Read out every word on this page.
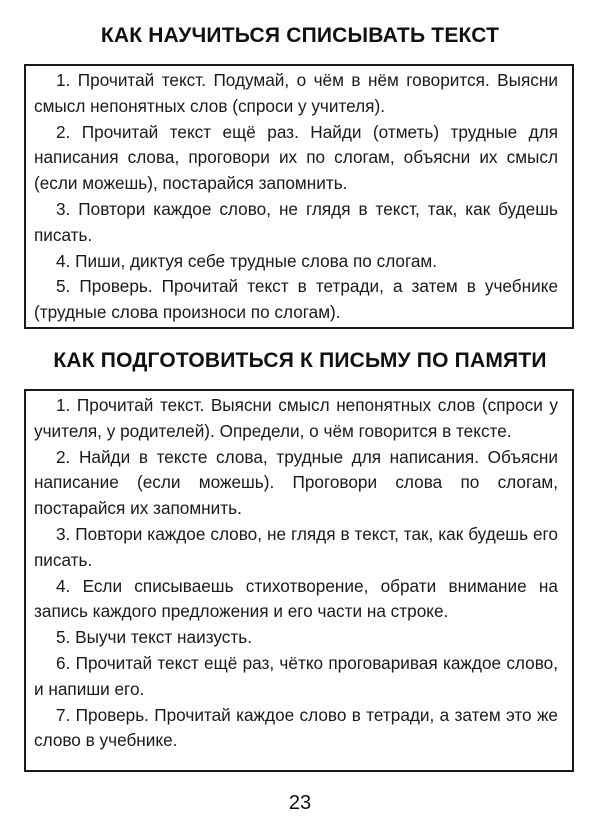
КАК НАУЧИТЬСЯ СПИСЫВАТЬ ТЕКСТ

1. Прочитай текст. Подумай, о чём в нём говорится. Выясни смысл непонятных слов (спроси у учителя).

2. Прочитай текст ещё раз. Найди (отметь) трудные для написания слова, проговори их по слогам, объясни их смысл (если можешь), постарайся запомнить.

3. Повтори каждое слово, не глядя в текст, так, как будешь писать.

4. Пиши, диктуя себе трудные слова по слогам.

5. Проверь. Прочитай текст в тетради, а затем в учебнике (трудные слова произноси по слогам).

КАК ПОДГОТОВИТЬСЯ К ПИСЬМУ ПО ПАМЯТИ

1. Прочитай текст. Выясни смысл непонятных слов (спроси у учителя, у родителей). Определи, о чём говорится в тексте.

2. Найди в тексте слова, трудные для написания. Объясни написание (если можешь). Проговори слова по слогам, постарайся их запомнить.

3. Повтори каждое слово, не глядя в текст, так, как будешь его писать.

4. Если списываешь стихотворение, обрати внимание на запись каждого предложения и его части на строке.

5. Выучи текст наизусть.

6. Прочитай текст ещё раз, чётко проговаривая каждое слово, и напиши его.

7. Проверь. Прочитай каждое слово в тетради, а затем это же слово в учебнике.

23
